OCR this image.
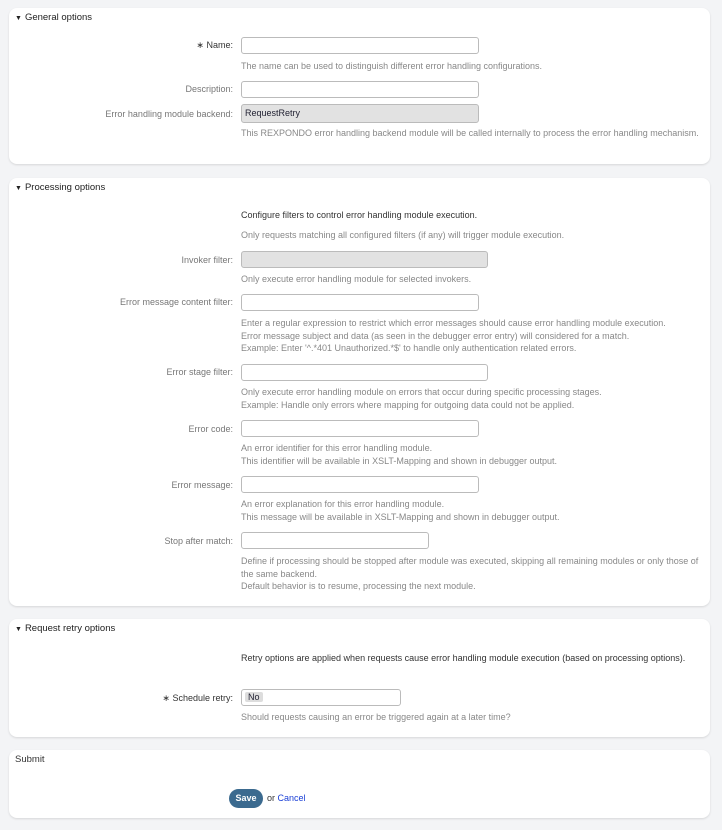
▼ General options
∗ Name:
The name can be used to distinguish different error handling configurations.
Description:
Error handling module backend:	RequestRetry
This REXPONDO error handling backend module will be called internally to process the error handling mechanism.
▼ Processing options
Configure filters to control error handling module execution.
Only requests matching all configured filters (if any) will trigger module execution.
Invoker filter:
Only execute error handling module for selected invokers.
Error message content filter:
Enter a regular expression to restrict which error messages should cause error handling module execution.
Error message subject and data (as seen in the debugger error entry) will considered for a match.
Example: Enter '^.*401 Unauthorized.*$' to handle only authentication related errors.
Error stage filter:
Only execute error handling module on errors that occur during specific processing stages.
Example: Handle only errors where mapping for outgoing data could not be applied.
Error code:
An error identifier for this error handling module.
This identifier will be available in XSLT-Mapping and shown in debugger output.
Error message:
An error explanation for this error handling module.
This message will be available in XSLT-Mapping and shown in debugger output.
Stop after match:
Define if processing should be stopped after module was executed, skipping all remaining modules or only those of the same backend.
Default behavior is to resume, processing the next module.
▼ Request retry options
Retry options are applied when requests cause error handling module execution (based on processing options).
∗ Schedule retry:	No
Should requests causing an error be triggered again at a later time?
Submit
Save	or Cancel
